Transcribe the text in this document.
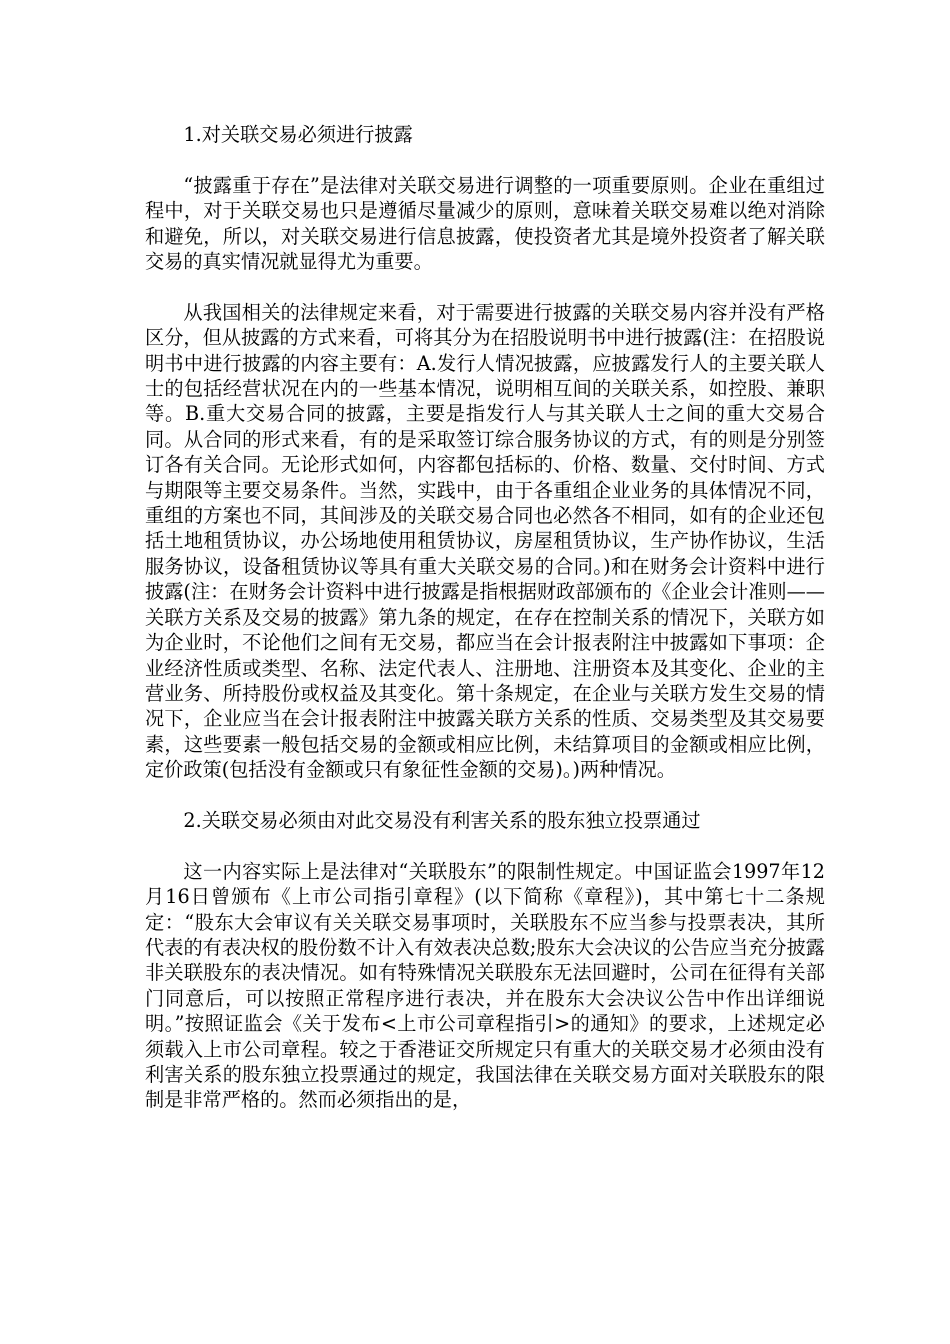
1.对关联交易必须进行披露

“披露重于存在”是法律对关联交易进行调整的一项重要原则。企业在重组过程中，对于关联交易也只是遵循尽量减少的原则，意味着关联交易难以绝对消除和避免，所以，对关联交易进行信息披露，使投资者尤其是境外投资者了解关联交易的真实情况就显得尤为重要。

从我国相关的法律规定来看，对于需要进行披露的关联交易内容并没有严格区分，但从披露的方式来看，可将其分为在招股说明书中进行披露(注：在招股说明书中进行披露的内容主要有：A.发行人情况披露，应披露发行人的主要关联人士的包括经营状况在内的一些基本情况，说明相互间的关联关系，如控股、兼职等。B.重大交易合同的披露，主要是指发行人与其关联人士之间的重大交易合同。从合同的形式来看，有的是采取签订综合服务协议的方式，有的则是分别签订各有关合同。无论形式如何，内容都包括标的、价格、数量、交付时间、方式与期限等主要交易条件。当然，实践中，由于各重组企业业务的具体情况不同，重组的方案也不同，其间涉及的关联交易合同也必然各不相同，如有的企业还包括土地租赁协议，办公场地使用租赁协议，房屋租赁协议，生产协作协议，生活服务协议，设备租赁协议等具有重大关联交易的合同。)和在财务会计资料中进行披露(注：在财务会计资料中进行披露是指根据财政部颁布的《企业会计准则——关联方关系及交易的披露》第九条的规定，在存在控制关系的情况下，关联方如为企业时，不论他们之间有无交易，都应当在会计报表附注中披露如下事项：企业经济性质或类型、名称、法定代表人、注册地、注册资本及其变化、企业的主营业务、所持股份或权益及其变化。第十条规定，在企业与关联方发生交易的情况下，企业应当在会计报表附注中披露关联方关系的性质、交易类型及其交易要素，这些要素一般包括交易的金额或相应比例，未结算项目的金额或相应比例，定价政策(包括没有金额或只有象征性金额的交易)。)两种情况。

2.关联交易必须由对此交易没有利害关系的股东独立投票通过

这一内容实际上是法律对“关联股东”的限制性规定。中国证监会1997年12月16日曾颁布《上市公司指引章程》(以下简称《章程》)，其中第七十二条规定：“股东大会审议有关关联交易事项时，关联股东不应当参与投票表决，其所代表的有表决权的股份数不计入有效表决总数;股东大会决议的公告应当充分披露非关联股东的表决情况。如有特殊情况关联股东无法回避时，公司在征得有关部门同意后，可以按照正常程序进行表决，并在股东大会决议公告中作出详细说明。”按照证监会《关于发布<上市公司章程指引>的通知》的要求，上述规定必须载入上市公司章程。较之于香港证交所规定只有重大的关联交易才必须由没有利害关系的股东独立投票通过的规定，我国法律在关联交易方面对关联股东的限制是非常严格的。然而必须指出的是，
